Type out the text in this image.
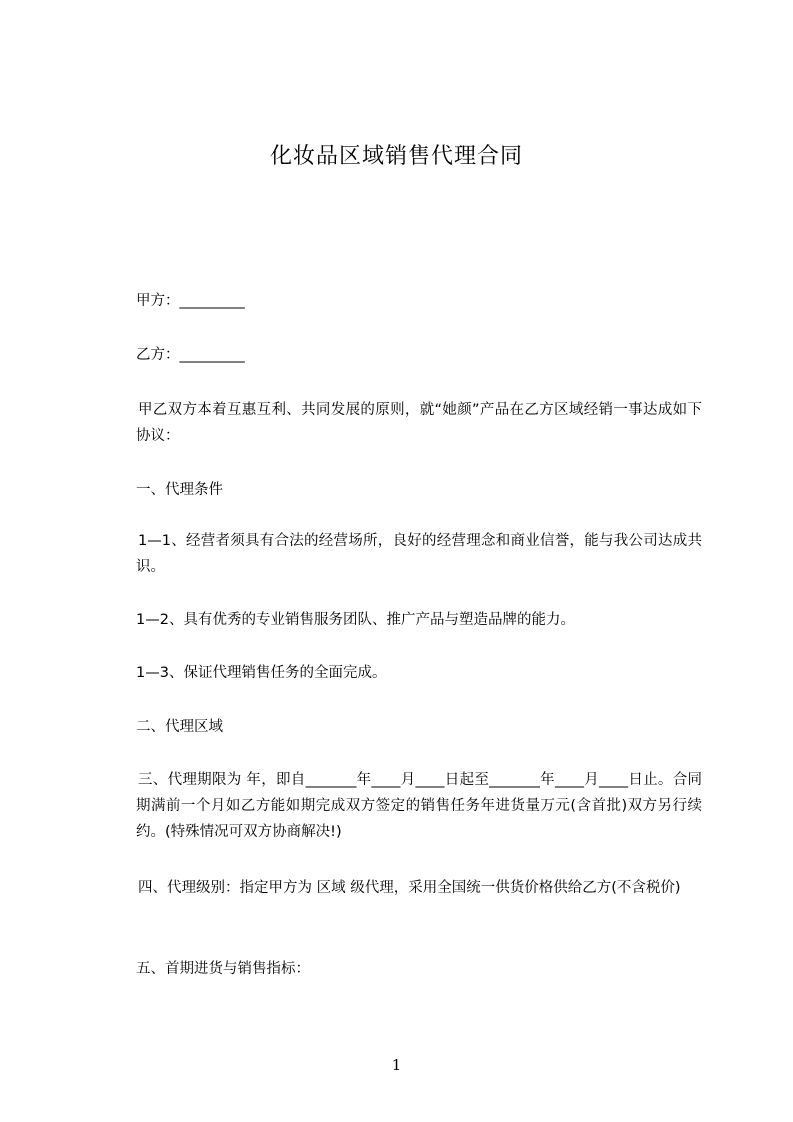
化妆品区域销售代理合同
甲方：_________
乙方：_________
甲乙双方本着互惠互利、共同发展的原则，就“她颜”产品在乙方区域经销一事达成如下协议：
一、代理条件
1—1、经营者须具有合法的经营场所，良好的经营理念和商业信誉，能与我公司达成共识。
1—2、具有优秀的专业销售服务团队、推广产品与塑造品牌的能力。
1—3、保证代理销售任务的全面完成。
二、代理区域
三、代理期限为 年，即自_______年____月____日起至_______年____月____日止。合同期满前一个月如乙方能如期完成双方签定的销售任务年进货量万元(含首批)双方另行续约。(特殊情况可双方协商解决!)
四、代理级别：指定甲方为 区域 级代理，采用全国统一供货价格供给乙方(不含税价)
五、首期进货与销售指标：
1
